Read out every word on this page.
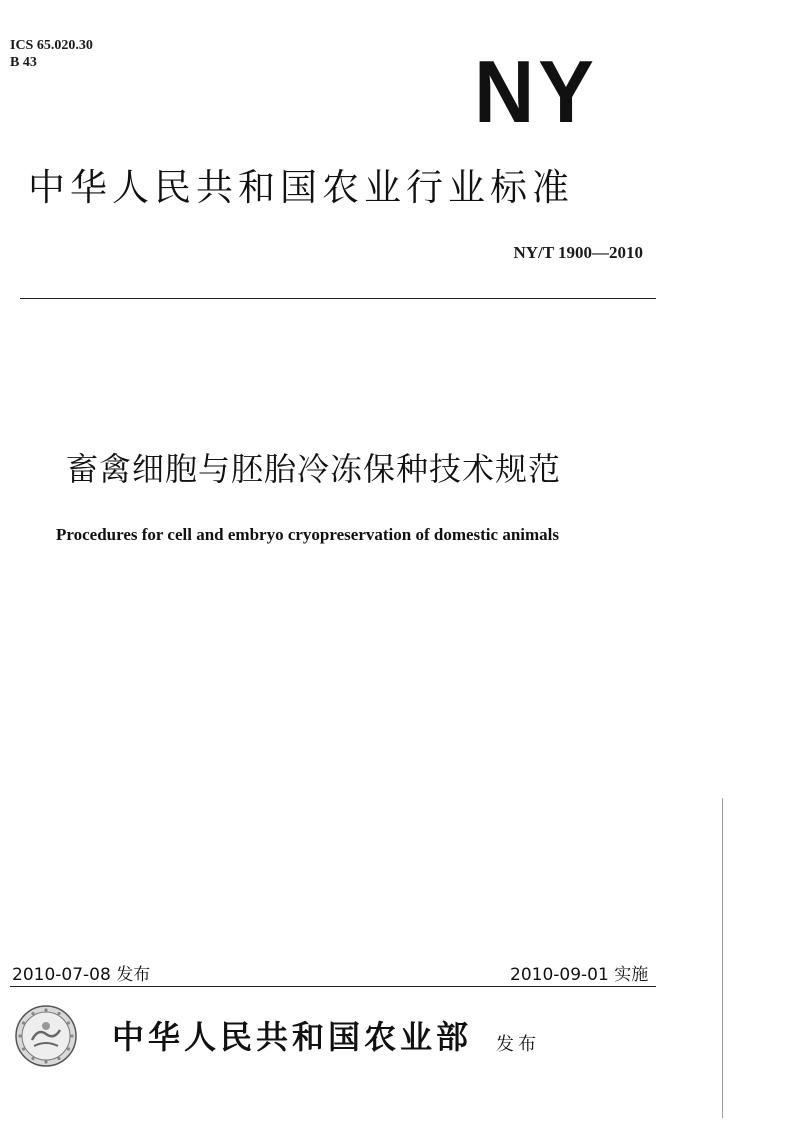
ICS 65.020.30
B 43	NY
中华人民共和国农业行业标准
NY/T 1900—2010
畜禽细胞与胚胎冷冻保种技术规范
Procedures for cell and embryo cryopreservation of domestic animals
2010-07-08 发布	2010-09-01 实施
中华人民共和国农业部 发布
